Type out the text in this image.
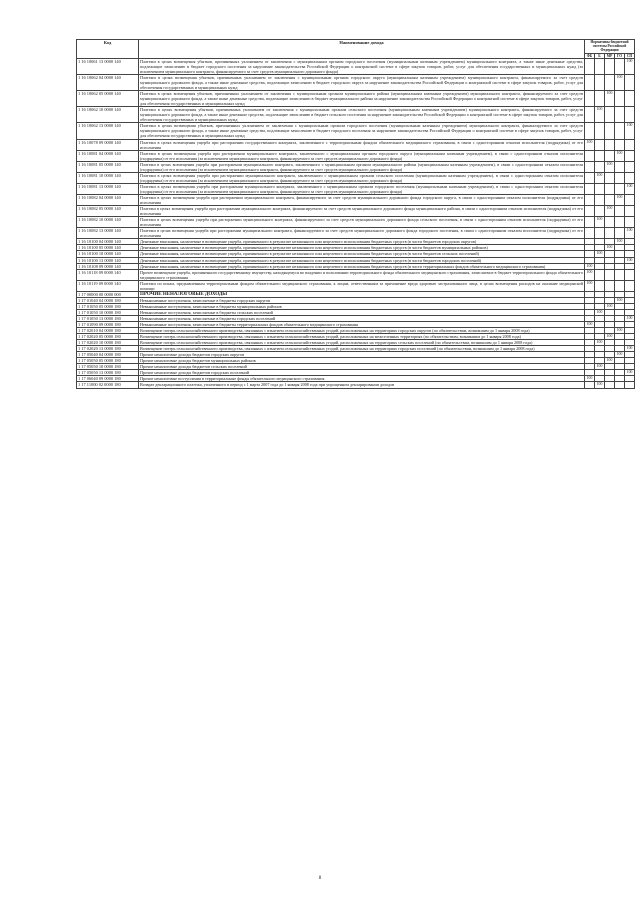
Код	Наименование дохода	Нормативы бюджетной системы Российской Федерации				
		ФБ	Б	МР	ГО	СП
1 16 10061 13 0000 140	Платежи в целях возмещения убытков, причиненных уклонением от заключения с муниципальным органом городского поселения (муниципальным казенным учреждением) муниципального контракта, а также иные денежные средства, подлежащие зачислению в бюджет городского поселения за нарушение законодательства Российской Федерации о контрактной системе в сфере закупок товаров, работ, услуг для обеспечения государственных и муниципальных нужд (за исключением муниципального контракта, финансируемого за счет средств муниципального дорожного фонда)					100
1 16 10062 04 0000 140	Платежи в целях возмещения убытков, причиненных уклонением от заключения с муниципальным органом городского округа (муниципальным казенным учреждением) муниципального контракта, финансируемого за счет средств муниципального дорожного фонда, а также иные денежные средства, подлежащие зачислению в бюджет городского округа за нарушение законодательства Российской Федерации о контрактной системе в сфере закупок товаров, работ, услуг для обеспечения государственных и муниципальных нужд				100	
1 16 10062 05 0000 140	Платежи в целях возмещения убытков, причиненных уклонением от заключения с муниципальным органом муниципального района (муниципальным казенным учреждением) муниципального контракта, финансируемого за счет средств муниципального дорожного фонда, а также иные денежные средства, подлежащие зачислению в бюджет муниципального района за нарушение законодательства Российской Федерации о контрактной системе в сфере закупок товаров, работ, услуг для обеспечения государственных и муниципальных нужд			100		
1 16 10062 10 0000 140	Платежи в целях возмещения убытков, причиненных уклонением от заключения с муниципальным органом сельского поселения (муниципальным казенным учреждением) муниципального контракта, финансируемого за счет средств муниципального дорожного фонда, а также иные денежные средства, подлежащие зачислению в бюджет сельского поселения за нарушение законодательства Российской Федерации о контрактной системе в сфере закупок товаров, работ, услуг для обеспечения государственных и муниципальных нужд		100			
1 16 10062 13 0000 140	Платежи в целях возмещения убытков, причиненных уклонением от заключения с муниципальным органом городского поселения (муниципальным казенным учреждением) муниципального контракта, финансируемого за счет средств муниципального дорожного фонда, а также иные денежные средства, подлежащие зачислению в бюджет городского поселения за нарушение законодательства Российской Федерации о контрактной системе в сфере закупок товаров, работ, услуг для обеспечения государственных и муниципальных нужд					100
1 16 10078 09 0000 140	Платежи в целях возмещения ущерба при расторжении государственного контракта, заключенного с территориальным фондом обязательного медицинского страхования, в связи с односторонним отказом исполнителя (подрядчика) от его исполнения	100				
1 16 10081 04 0000 140	Платежи в целях возмещения ущерба при расторжении муниципального контракта, заключенного с муниципальным органом городского округа (муниципальным казенным учреждением), в связи с односторонним отказом исполнителя (подрядчика) от его исполнения (за исключением муниципального контракта, финансируемого за счет средств муниципального дорожного фонда)				100	
1 16 10081 05 0000 140	Платежи в целях возмещения ущерба при расторжении муниципального контракта, заключенного с муниципальным органом муниципального района (муниципальным казенным учреждением), в связи с односторонним отказом исполнителя (подрядчика) от его исполнения (за исключением муниципального контракта, финансируемого за счет средств муниципального дорожного фонда)			100		
1 16 10081 10 0000 140	Платежи в целях возмещения ущерба при расторжении муниципального контракта, заключенного с муниципальным органом сельского поселения (муниципальным казенным учреждением), в связи с односторонним отказом исполнителя (подрядчика) от его исполнения (за исключением муниципального контракта, финансируемого за счет средств муниципального дорожного фонда)		100			
1 16 10081 13 0000 140	Платежи в целях возмещения ущерба при расторжении муниципального контракта, заключенного с муниципальным органом городского поселения (муниципальным казенным учреждением), в связи с односторонним отказом исполнителя (подрядчика) от его исполнения (за исключением муниципального контракта, финансируемого за счет средств муниципального дорожного фонда)					100
1 16 10082 04 0000 140	Платежи в целях возмещения ущерба при расторжении муниципального контракта, финансируемого за счет средств муниципального дорожного фонда городского округа, в связи с односторонним отказом исполнителя (подрядчика) от его исполнения				100	
1 16 10082 05 0000 140	Платежи в целях возмещения ущерба при расторжении муниципального контракта, финансируемого за счет средств муниципального дорожного фонда муниципального района, в связи с односторонним отказом исполнителя (подрядчика) от его исполнения			100		
1 16 10082 10 0000 140	Платежи в целях возмещения ущерба при расторжении муниципального контракта, финансируемого за счет средств муниципального дорожного фонда сельского поселения, в связи с односторонним отказом исполнителя (подрядчика) от его исполнения		100			
1 16 10082 13 0000 140	Платежи в целях возмещения ущерба при расторжении муниципального контракта, финансируемого за счет средств муниципального дорожного фонда городского поселения, в связи с односторонним отказом исполнителя (подрядчика) от его исполнения					100
1 16 10100 04 0000 140	Денежные взыскания, налагаемые в возмещение ущерба, причиненного в результате незаконного или нецелевого использования бюджетных средств (в части бюджетов городских округов)				100	
1 16 10100 05 0000 140	Денежные взыскания, налагаемые в возмещение ущерба, причиненного в результате незаконного или нецелевого использования бюджетных средств (в части бюджетов муниципальных районов)			100		
1 16 10100 10 0000 140	Денежные взыскания, налагаемые в возмещение ущерба, причиненного в результате незаконного или нецелевого использования бюджетных средств (в части бюджетов сельских поселений)		100			
1 16 10100 13 0000 140	Денежные взыскания, налагаемые в возмещение ущерба, причиненного в результате незаконного или нецелевого использования бюджетных средств (в части бюджетов городских поселений)					100
1 16 10108 09 0000 140	Денежные взыскания, налагаемые в возмещение ущерба, причиненного в результате незаконного или нецелевого использования бюджетных средств (в части территориальных фондов обязательного медицинского страхования)	100				
1 16 10118 09 0000 140	Прочее возмещение ущерба, причиненного государственному имуществу, находящемуся во владении и пользовании территориального фонда обязательного медицинского страхования, зачисляемое в бюджет территориального фонда обязательного медицинского страхования	100				
1 16 10119 09 0000 140	Платежи по искам, предъявленным территориальным фондом обязательного медицинского страхования, к лицам, ответственным за причинение вреда здоровью застрахованного лица, в целях возмещения расходов на оказание медицинской помощи	100				
1 17 00000 00 0000 000	ПРОЧИЕ НЕНАЛОГОВЫЕ ДОХОДЫ					
1 17 01040 04 0000 180	Невыясненные поступления, зачисляемые в бюджеты городских округов				100	
1 17 01050 05 0000 180	Невыясненные поступления, зачисляемые в бюджеты муниципальных районов			100		
1 17 01050 10 0000 180	Невыясненные поступления, зачисляемые в бюджеты сельских поселений		100			
1 17 01050 13 0000 180	Невыясненные поступления, зачисляемые в бюджеты городских поселений					100
1 17 01090 09 0000 180	Невыясненные поступления, зачисляемые в бюджеты территориальных фондов обязательного медицинского страхования	100				
1 17 02010 04 0000 180	Возмещение потерь сельскохозяйственного производства, связанных с изъятием сельскохозяйственных угодий, расположенных на территориях городских округов (по обязательствам, возникшим до 1 января 2008 года)				100	
1 17 02020 05 0000 180	Возмещение потерь сельскохозяйственного производства, связанных с изъятием сельскохозяйственных угодий, расположенных на межселенных территориях (по обязательствам, возникшим до 1 января 2008 года)			100		
1 17 02020 10 0000 180	Возмещение потерь сельскохозяйственного производства, связанных с изъятием сельскохозяйственных угодий, расположенных на территориях сельских поселений (по обязательствам, возникшим до 1 января 2008 года)		100			
1 17 02020 13 0000 180	Возмещение потерь сельскохозяйственного производства, связанных с изъятием сельскохозяйственных угодий, расположенных на территориях городских поселений (по обязательствам, возникшим до 1 января 2008 года)					100
1 17 05040 04 0000 180	Прочие неналоговые доходы бюджетов городских округов				100	
1 17 05050 05 0000 180	Прочие неналоговые доходы бюджетов муниципальных районов			100		
1 17 05050 10 0000 180	Прочие неналоговые доходы бюджетов сельских поселений		100			
1 17 05050 13 0000 180	Прочие неналоговые доходы бюджетов городских поселений					100
1 17 06040 09 0000 180	Прочие неналоговые поступления в территориальные фонды обязательного медицинского страхования	100				
1 17 11000 02 0000 180	Возврат декларационного платежа, уплаченного в период с 1 марта 2007 года до 1 января 2008 года при упрощенном декларировании доходов		100			
8
